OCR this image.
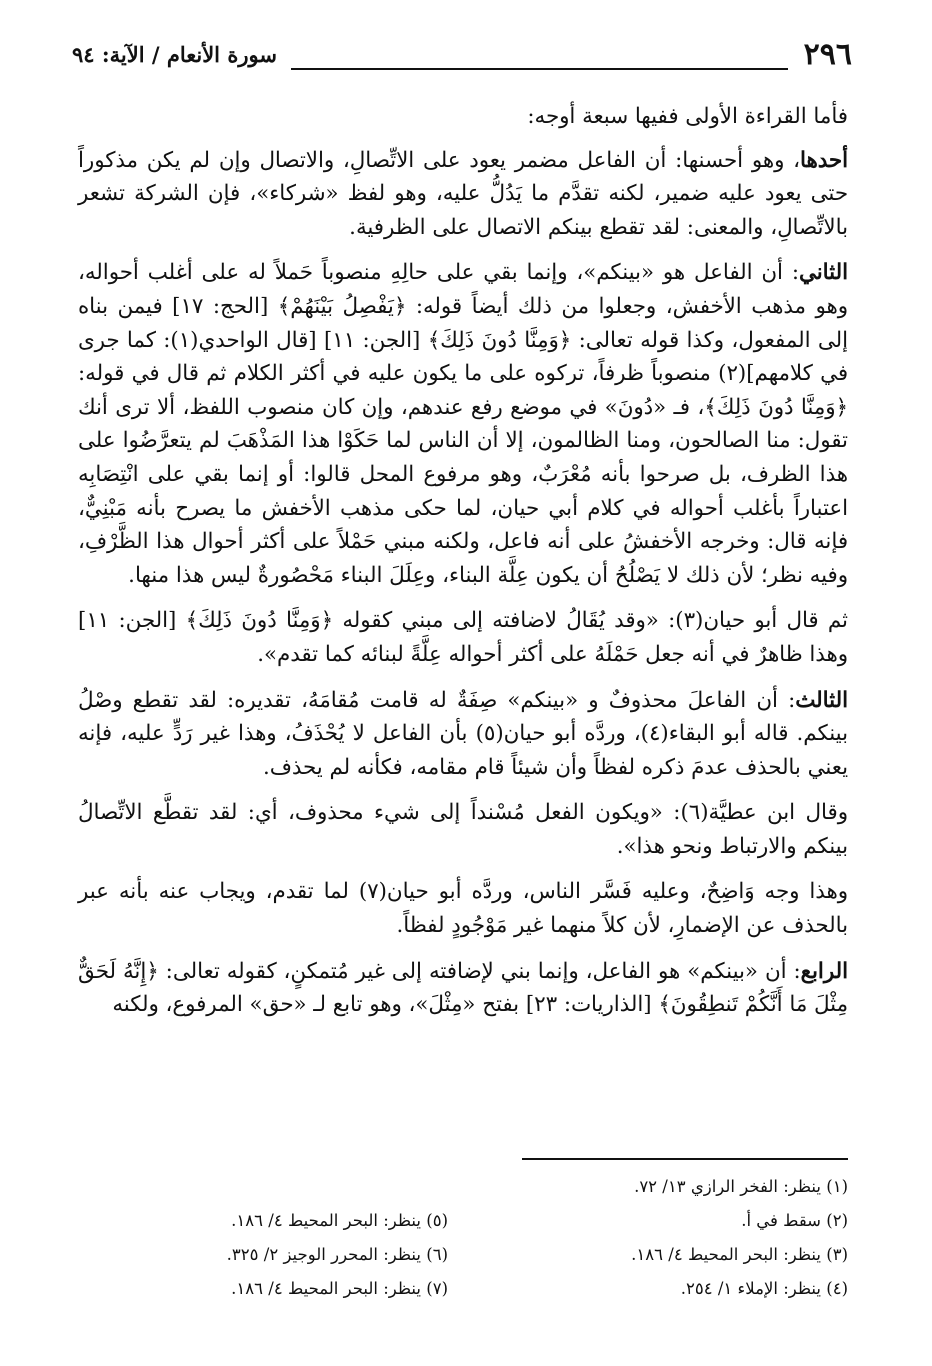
٢٩٦
سورة الأنعام / الآية: ٩٤

فأما القراءة الأولى ففيها سبعة أوجه:

أحدها، وهو أحسنها: أن الفاعل مضمر يعود على الاتِّصالِ، والاتصال وإن لم يكن مذكوراً حتى يعود عليه ضمير، لكنه تقدَّم ما يَدُلُّ عليه، وهو لفظ «شركاء»، فإن الشركة تشعر بالاتِّصالِ، والمعنى: لقد تقطع بينكم الاتصال على الظرفية.

الثاني: أن الفاعل هو «بينكم»، وإنما بقي على حالِهِ منصوباً حَملاً له على أغلب أحواله، وهو مذهب الأخفش، وجعلوا من ذلك أيضاً قوله: ﴿يَفْصِلُ بَيْنَهُمْ﴾ [الحج: ١٧] فيمن بناه إلى المفعول، وكذا قوله تعالى: ﴿وَمِنَّا دُونَ ذَلِكَ﴾ [الجن: ١١] [قال الواحدي(١): كما جرى في كلامهم](٢) منصوباً ظرفاً، تركوه على ما يكون عليه في أكثر الكلام ثم قال في قوله: ﴿وَمِنَّا دُونَ ذَلِكَ﴾، فـ «دُونَ» في موضع رفع عندهم، وإن كان منصوب اللفظ، ألا ترى أنك تقول: منا الصالحون، ومنا الظالمون، إلا أن الناس لما حَكَوْا هذا المَذْهَبَ لم يتعرَّضُوا على هذا الظرف، بل صرحوا بأنه مُعْرَبٌ، وهو مرفوع المحل قالوا: أو إنما بقي على انْتِصَابِه اعتباراً بأغلب أحواله في كلام أبي حيان، لما حكى مذهب الأخفش ما يصرح بأنه مَبْنِيٌّ، فإنه قال: وخرجه الأخفشُ على أنه فاعل، ولكنه مبني حَمْلاً على أكثر أحوال هذا الظَّرْفِ، وفيه نظر؛ لأن ذلك لا يَصْلُحُ أن يكون عِلَّة البناء، وعِلَلَ البناء مَحْصُورةٌ ليس هذا منها.

ثم قال أبو حيان(٣): «وقد يُقَالُ لاضافته إلى مبني كقوله ﴿وَمِنَّا دُونَ ذَلِكَ﴾ [الجن: ١١] وهذا ظاهرٌ في أنه جعل حَمْلَهُ على أكثر أحواله عِلَّةً لبنائه كما تقدم».

الثالث: أن الفاعلَ محذوفٌ و «بينكم» صِفَةٌ له قامت مُقامَهُ، تقديره: لقد تقطع وصْلُ بينكم. قاله أبو البقاء(٤)، وردَّه أبو حيان(٥) بأن الفاعل لا يُحْذَفُ، وهذا غير رَدٍّ عليه، فإنه يعني بالحذف عدمَ ذكره لفظاً وأن شيئاً قام مقامه، فكأنه لم يحذف.

وقال ابن عطيَّة(٦): «ويكون الفعل مُسْنداً إلى شيء محذوف، أي: لقد تقطَّع الاتِّصالُ بينكم والارتباط ونحو هذا».

وهذا وجه وَاضِحٌ، وعليه فَسَّر الناس، وردَّه أبو حيان(٧) لما تقدم، ويجاب عنه بأنه عبر بالحذف عن الإضمارِ، لأن كلاً منهما غير مَوْجُودٍ لفظاً.

الرابع: أن «بينكم» هو الفاعل، وإنما بني لإضافته إلى غير مُتمكنٍ، كقوله تعالى: ﴿إِنَّهُ لَحَقٌّ مِثْلَ مَا أَنَّكُمْ تَنطِقُونَ﴾ [الذاريات: ٢٣] بفتح «مِثْلَ»، وهو تابع لـ «حق» المرفوع، ولكنه

(١) ينظر: الفخر الرازي ١٣/ ٧٢.
(٢) سقط في أ.
(٣) ينظر: البحر المحيط ٤/ ١٨٦.
(٤) ينظر: الإملاء ١/ ٢٥٤.
(٥) ينظر: البحر المحيط ٤/ ١٨٦.
(٦) ينظر: المحرر الوجيز ٢/ ٣٢٥.
(٧) ينظر: البحر المحيط ٤/ ١٨٦.
